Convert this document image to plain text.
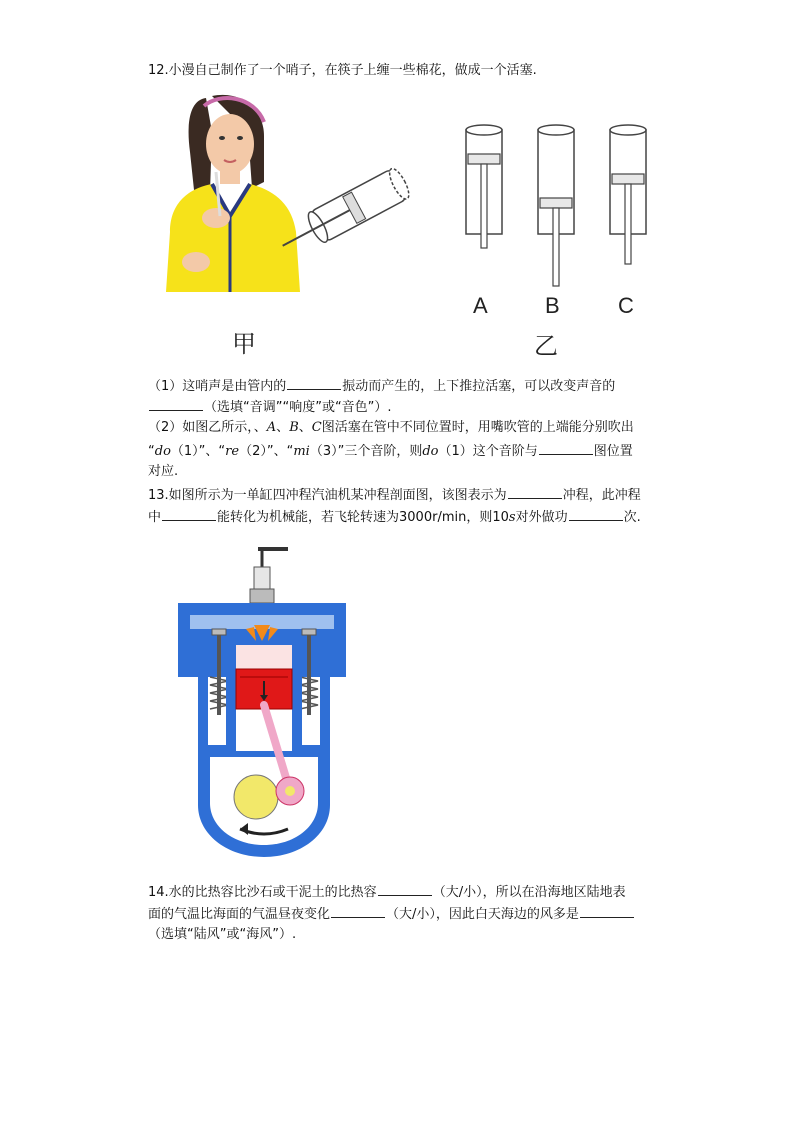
12.小漫自己制作了一个哨子，在筷子上缠一些棉花，做成一个活塞.
甲
A	B	C
乙
（1）这哨声是由管内的	振动而产生的，上下推拉活塞，可以改变声音的
（选填“音调”“响度”或“音色”）.
（2）如图乙所示，、A、B、C图活塞在管中不同位置时，用嘴吹管的上端能分别吹出
“do（1）”、“re（2）”、“mi（3）”三个音阶，则do（1）这个音阶与	图位置
对应.
13.如图所示为一单缸四冲程汽油机某冲程剖面图，该图表示为	冲程，此冲程
中	能转化为机械能，若飞轮转速为3000r/min，则10s对外做功	次.
14.水的比热容比沙石或干泥土的比热容	（大/小），所以在沿海地区陆地表
面的气温比海面的气温昼夜变化	（大/小），因此白天海边的风多是
（选填“陆风”或“海风”）.
